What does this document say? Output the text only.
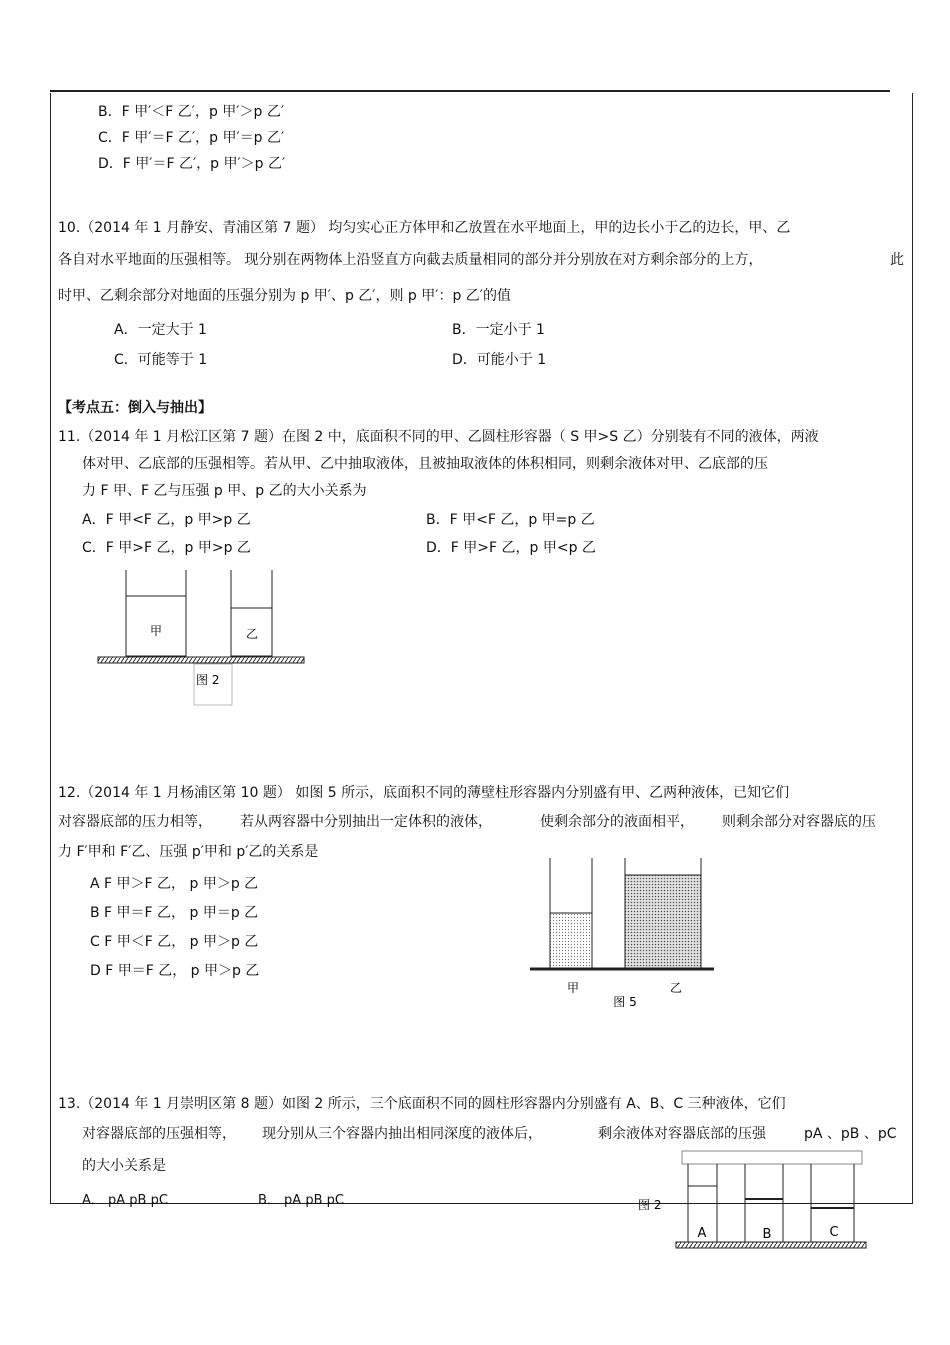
B．F 甲′＜F 乙′，p 甲′＞p 乙′
C．F 甲′＝F 乙′，p 甲′＝p 乙′
D．F 甲′＝F 乙′，p 甲′＞p 乙′
10.（2014 年 1 月静安、青浦区第 7 题） 均匀实心正方体甲和乙放置在水平地面上，甲的边长小于乙的边长，甲、乙
各自对水平地面的压强相等。 现分别在两物体上沿竖直方向截去质量相同的部分并分别放在对方剩余部分的上方，	此
时甲、乙剩余部分对地面的压强分别为 p 甲′、p 乙′，则 p 甲′：p 乙′的值
A．一定大于 1	B．一定小于 1
C．可能等于 1	D．可能小于 1
【考点五：倒入与抽出】
11.（2014 年 1 月松江区第 7 题）在图 2 中，底面积不同的甲、乙圆柱形容器（ S 甲>S 乙）分别装有不同的液体，两液
体对甲、乙底部的压强相等。若从甲、乙中抽取液体，且被抽取液体的体积相同，则剩余液体对甲、乙底部的压
力 F 甲、F 乙与压强 p 甲、p 乙的大小关系为
A．F 甲<F 乙，p 甲>p 乙	B．F 甲<F 乙，p 甲=p 乙
C．F 甲>F 乙，p 甲>p 乙	D．F 甲>F 乙，p 甲<p 乙
甲	乙
图 2
12.（2014 年 1 月杨浦区第 10 题） 如图 5 所示，底面积不同的薄壁柱形容器内分别盛有甲、乙两种液体，已知它们
对容器底部的压力相等， 若从两容器中分别抽出一定体积的液体，	使剩余部分的液面相平， 则剩余部分对容器底的压
力 F′甲和 F′乙、压强 p′甲和 p′乙的关系是
A F 甲＞F 乙， p 甲＞p 乙
B F 甲＝F 乙， p 甲＝p 乙
C F 甲＜F 乙， p 甲＞p 乙
D F 甲＝F 乙， p 甲＞p 乙
甲	乙
图 5
13.（2014 年 1 月崇明区第 8 题）如图 2 所示，三个底面积不同的圆柱形容器内分别盛有 A、B、C 三种液体，它们
对容器底部的压强相等， 现分别从三个容器内抽出相同深度的液体后，	剩余液体对容器底部的压强	pA 、pB 、pC
的大小关系是
A． pA pB pC	B． pA pB pC	图 2
A	B	C
